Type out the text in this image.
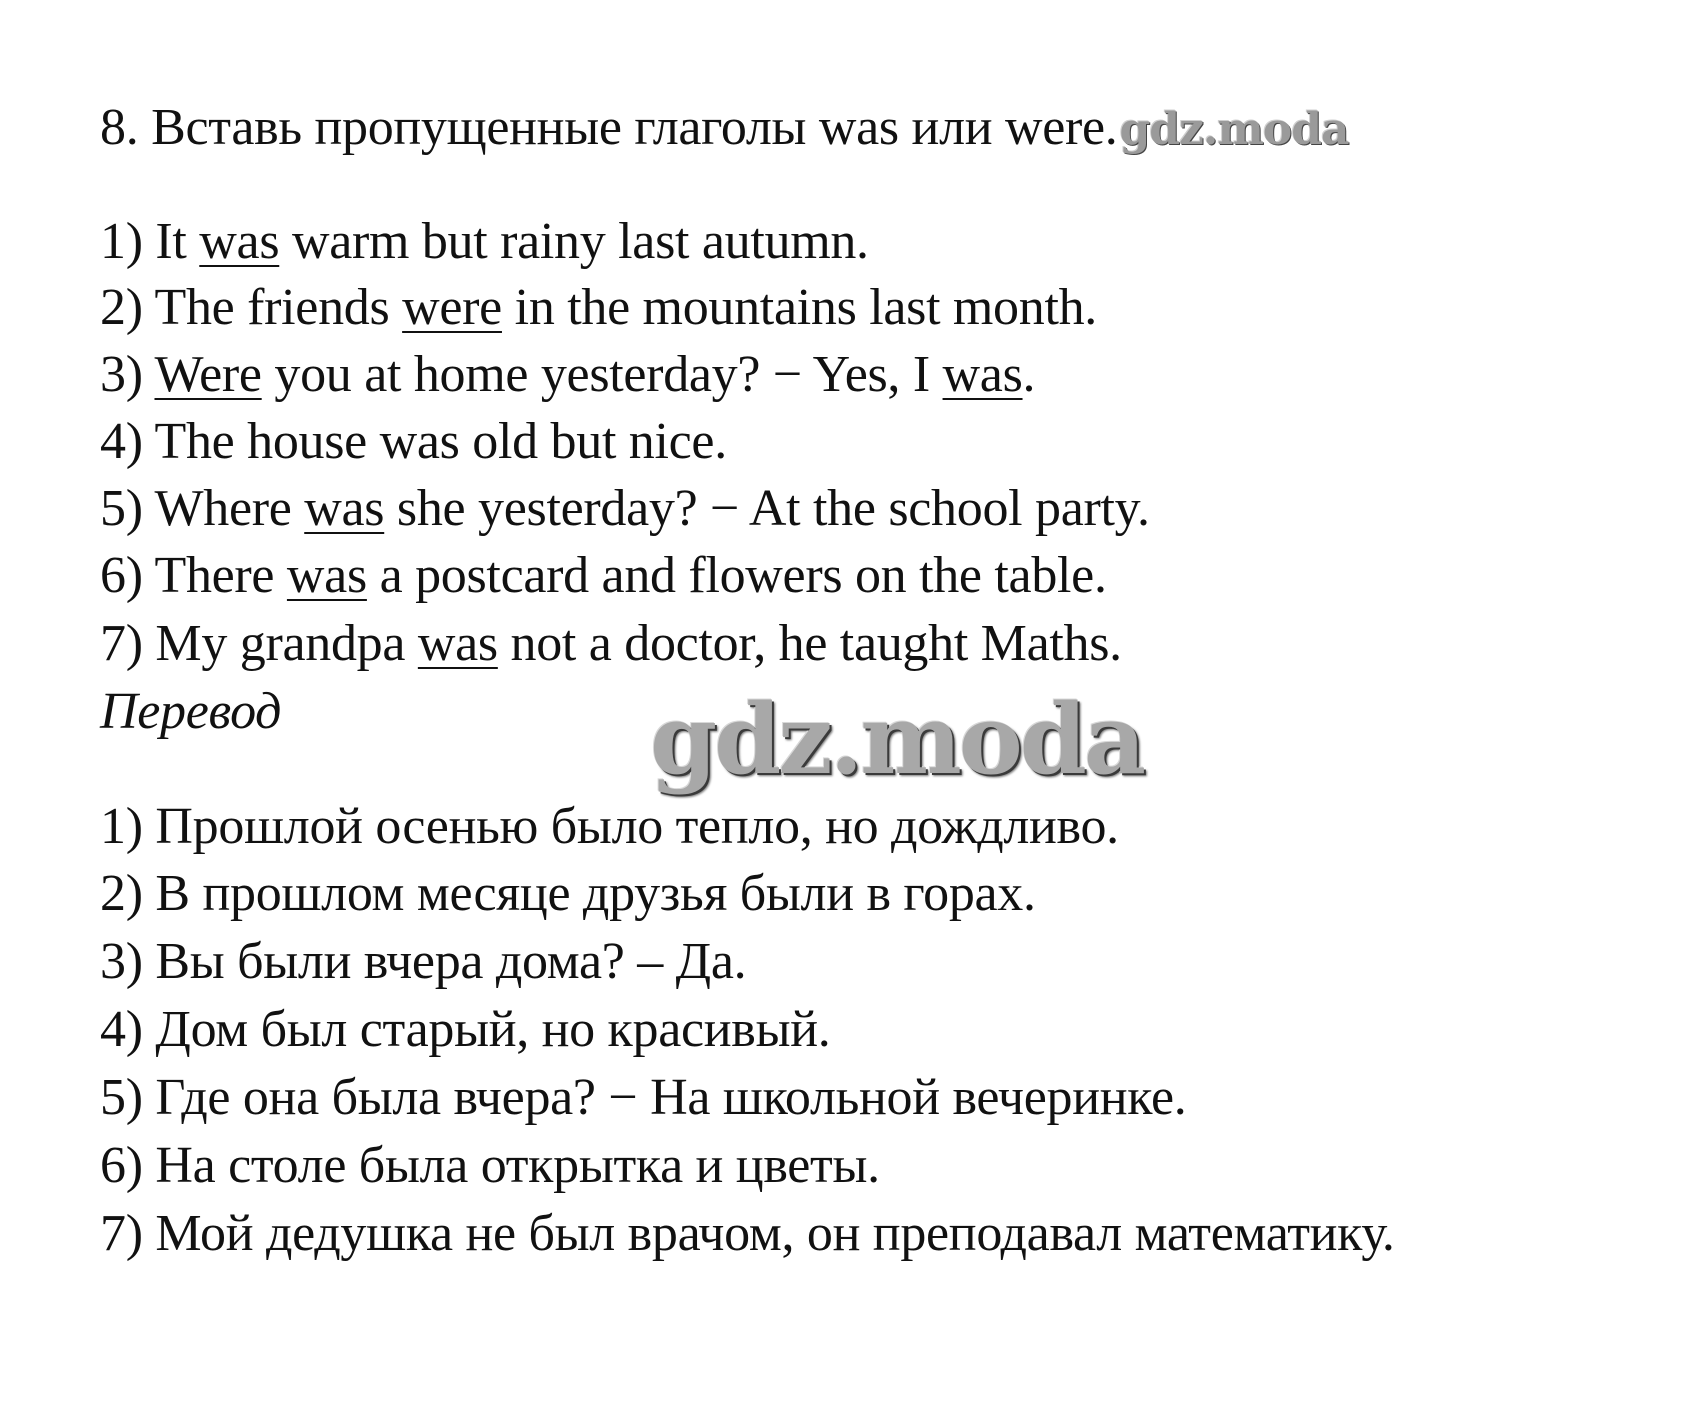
8. Вставь пропущенные глаголы was или were.gdz.moda
1) It was warm but rainy last autumn.
2) The friends were in the mountains last month.
3) Were you at home yesterday? − Yes, I was.
4) The house was old but nice.
5) Where was she yesterday? − At the school party.
6) There was a postcard and flowers on the table.
7) My grandpa was not a doctor, he taught Maths.
Перевод	gdz.moda
1) Прошлой осенью было тепло, но дождливо.
2) В прошлом месяце друзья были в горах.
3) Вы были вчера дома? – Да.
4) Дом был старый, но красивый.
5) Где она была вчера? − На школьной вечеринке.
6) На столе была открытка и цветы.
7) Мой дедушка не был врачом, он преподавал математику.
